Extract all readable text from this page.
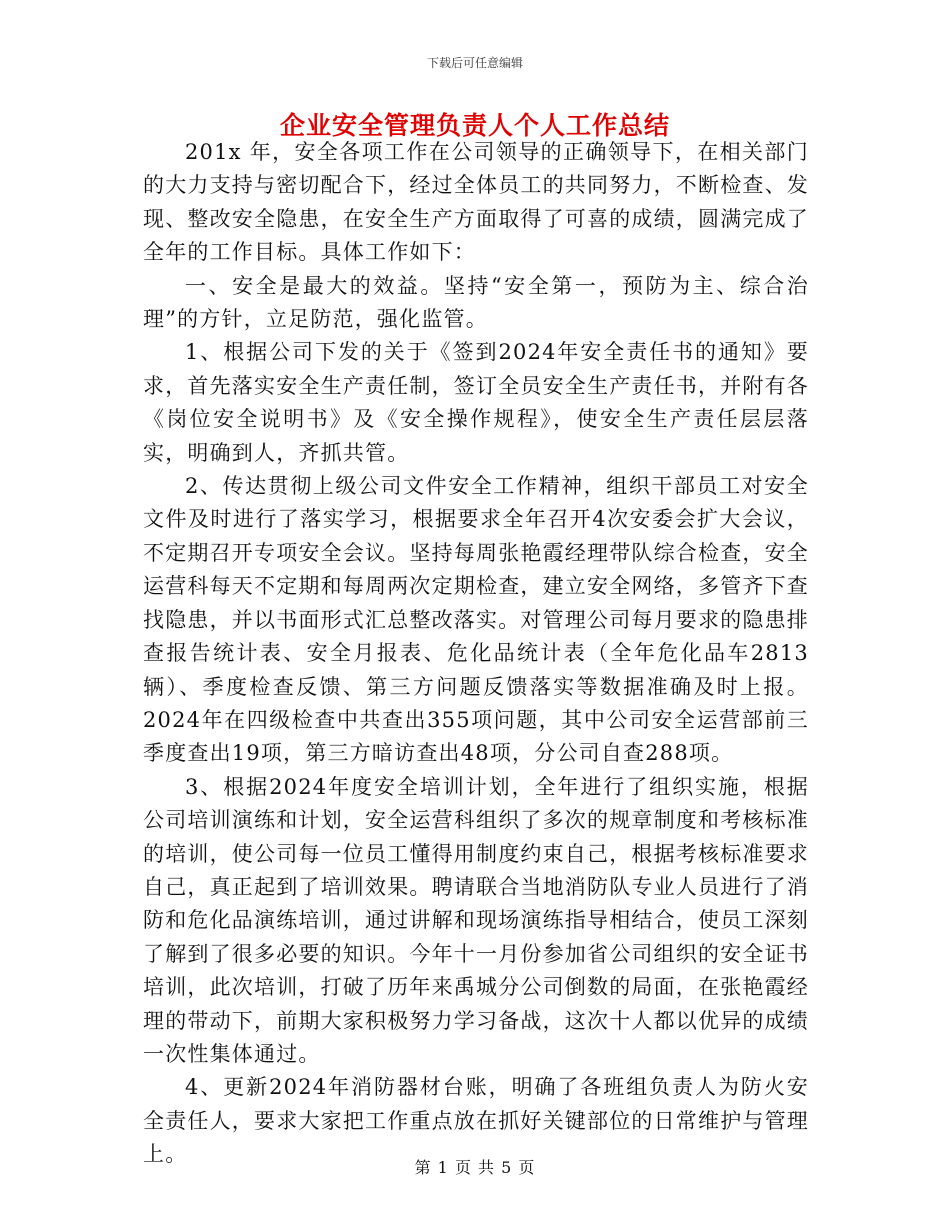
下载后可任意编辑
企业安全管理负责人个人工作总结

201x 年，安全各项工作在公司领导的正确领导下，在相关部门的大力支持与密切配合下，经过全体员工的共同努力，不断检查、发现、整改安全隐患，在安全生产方面取得了可喜的成绩，圆满完成了全年的工作目标。具体工作如下：

一、安全是最大的效益。坚持“安全第一，预防为主、综合治理”的方针，立足防范，强化监管。

1、根据公司下发的关于《签到2024年安全责任书的通知》要求，首先落实安全生产责任制，签订全员安全生产责任书，并附有各《岗位安全说明书》及《安全操作规程》，使安全生产责任层层落实，明确到人，齐抓共管。

2、传达贯彻上级公司文件安全工作精神，组织干部员工对安全文件及时进行了落实学习，根据要求全年召开4次安委会扩大会议，不定期召开专项安全会议。坚持每周张艳霞经理带队综合检查，安全运营科每天不定期和每周两次定期检查，建立安全网络，多管齐下查找隐患，并以书面形式汇总整改落实。对管理公司每月要求的隐患排查报告统计表、安全月报表、危化品统计表（全年危化品车2813辆）、季度检查反馈、第三方问题反馈落实等数据准确及时上报。2024年在四级检查中共查出355项问题，其中公司安全运营部前三季度查出19项，第三方暗访查出48项，分公司自查288项。

3、根据2024年度安全培训计划，全年进行了组织实施，根据公司培训演练和计划，安全运营科组织了多次的规章制度和考核标准的培训，使公司每一位员工懂得用制度约束自己，根据考核标准要求自己，真正起到了培训效果。聘请联合当地消防队专业人员进行了消防和危化品演练培训，通过讲解和现场演练指导相结合，使员工深刻了解到了很多必要的知识。今年十一月份参加省公司组织的安全证书培训，此次培训，打破了历年来禹城分公司倒数的局面，在张艳霞经理的带动下，前期大家积极努力学习备战，这次十人都以优异的成绩一次性集体通过。

4、更新2024年消防器材台账，明确了各班组负责人为防火安全责任人，要求大家把工作重点放在抓好关键部位的日常维护与管理上。

第 1 页 共 5 页
